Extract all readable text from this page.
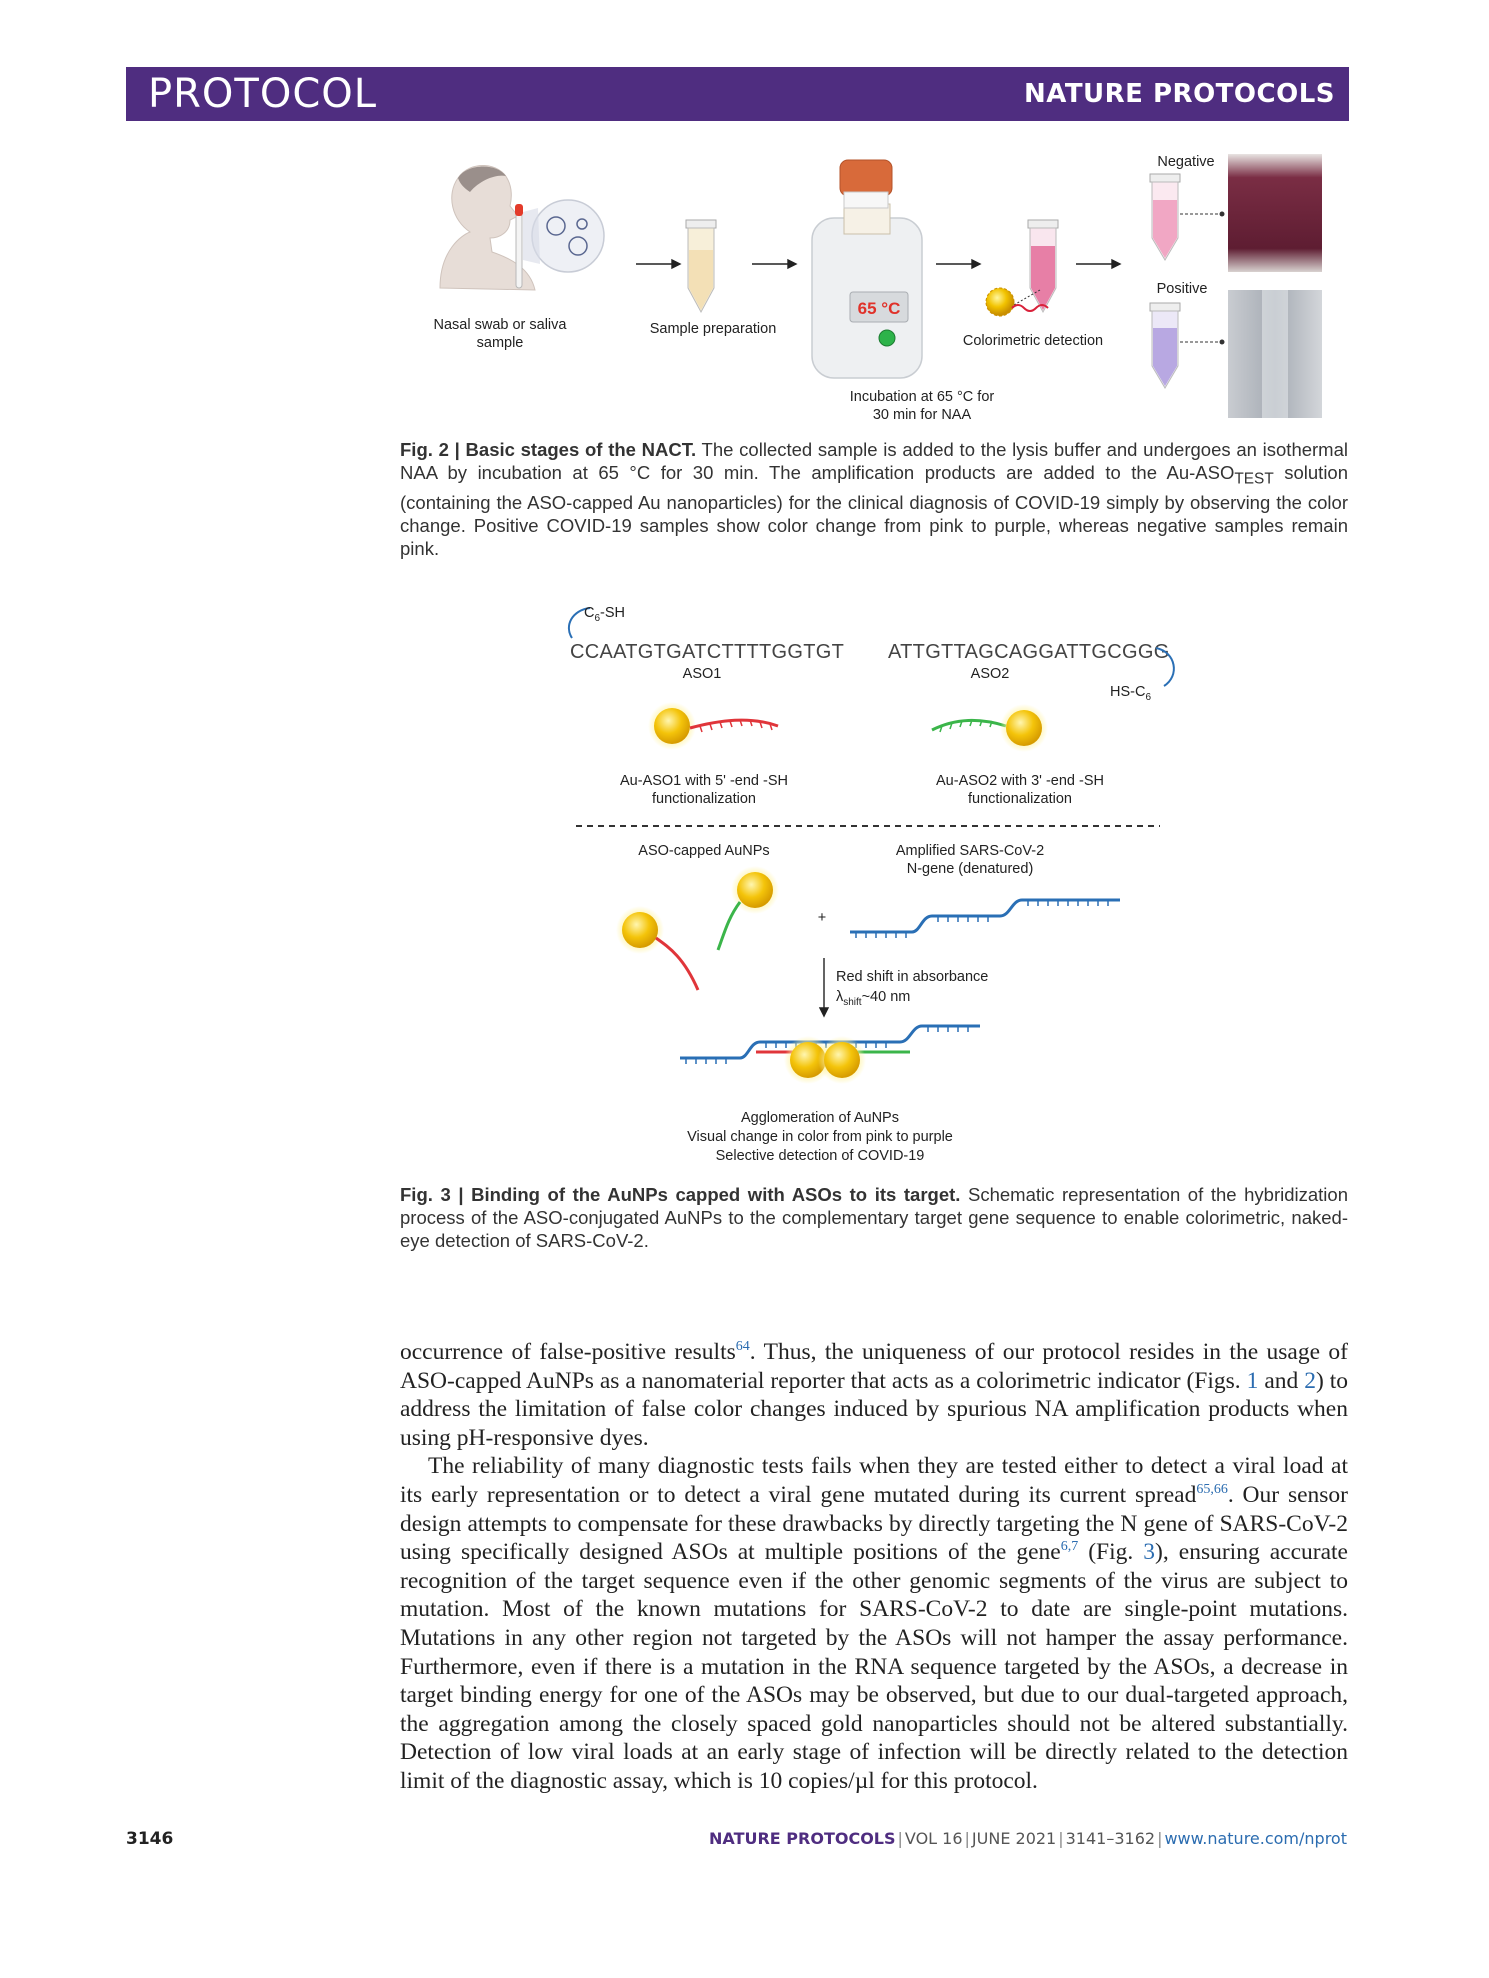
PROTOCOL	NATURE PROTOCOLS
Nasal swab or saliva
sample
Sample preparation
65 °C
Incubation at 65 °C for
30 min for NAA
Colorimetric detection
Negative
Positive
Fig. 2 | Basic stages of the NACT. The collected sample is added to the lysis buffer and undergoes an isothermal NAA by incubation at 65 °C for 30 min. The amplification products are added to the $Au-ASO_{TEST}$ solution (containing the ASO-capped Au nanoparticles) for the clinical diagnosis of COVID-19 simply by observing the color change. Positive COVID-19 samples show color change from pink to purple, whereas negative samples remain pink.
$C_6-SH$
CCAATGTGATCTTTTGGTGT
ASO1
ATTGTTAGCAGGATTGCGGG
ASO2
$HS-C_6$
Au-ASO1 with 5' -end -SH
functionalization
Au-ASO2 with 3' -end -SH
functionalization
ASO-capped AuNPs	Amplified SARS-CoV-2
N-gene (denatured)
+
Red shift in absorbance
$\lambda_{shift}\sim 40$ nm
Agglomeration of AuNPs
Visual change in color from pink to purple
Selective detection of COVID-19
Fig. 3 | Binding of the AuNPs capped with ASOs to its target. Schematic representation of the hybridization process of the ASO-conjugated AuNPs to the complementary target gene sequence to enable colorimetric, naked-eye detection of SARS-CoV-2.

occurrence of false-positive results$^{64}$. Thus, the uniqueness of our protocol resides in the usage of ASO-capped AuNPs as a nanomaterial reporter that acts as a colorimetric indicator (Figs. 1 and 2) to address the limitation of false color changes induced by spurious NA amplification products when using pH-responsive dyes.

The reliability of many diagnostic tests fails when they are tested either to detect a viral load at its early representation or to detect a viral gene mutated during its current spread$^{65,66}$. Our sensor design attempts to compensate for these drawbacks by directly targeting the N gene of SARS-CoV-2 using specifically designed ASOs at multiple positions of the gene$^{6,7}$ (Fig. 3), ensuring accurate recognition of the target sequence even if the other genomic segments of the virus are subject to mutation. Most of the known mutations for SARS-CoV-2 to date are single-point mutations. Mutations in any other region not targeted by the ASOs will not hamper the assay performance. Furthermore, even if there is a mutation in the RNA sequence targeted by the ASOs, a decrease in target binding energy for one of the ASOs may be observed, but due to our dual-targeted approach, the aggregation among the closely spaced gold nanoparticles should not be altered substantially. Detection of low viral loads at an early stage of infection will be directly related to the detection limit of the diagnostic assay, which is 10 copies/µl for this protocol.

3146	NATURE PROTOCOLS | VOL 16 | JUNE 2021 | 3141–3162 | www.nature.com/nprot
